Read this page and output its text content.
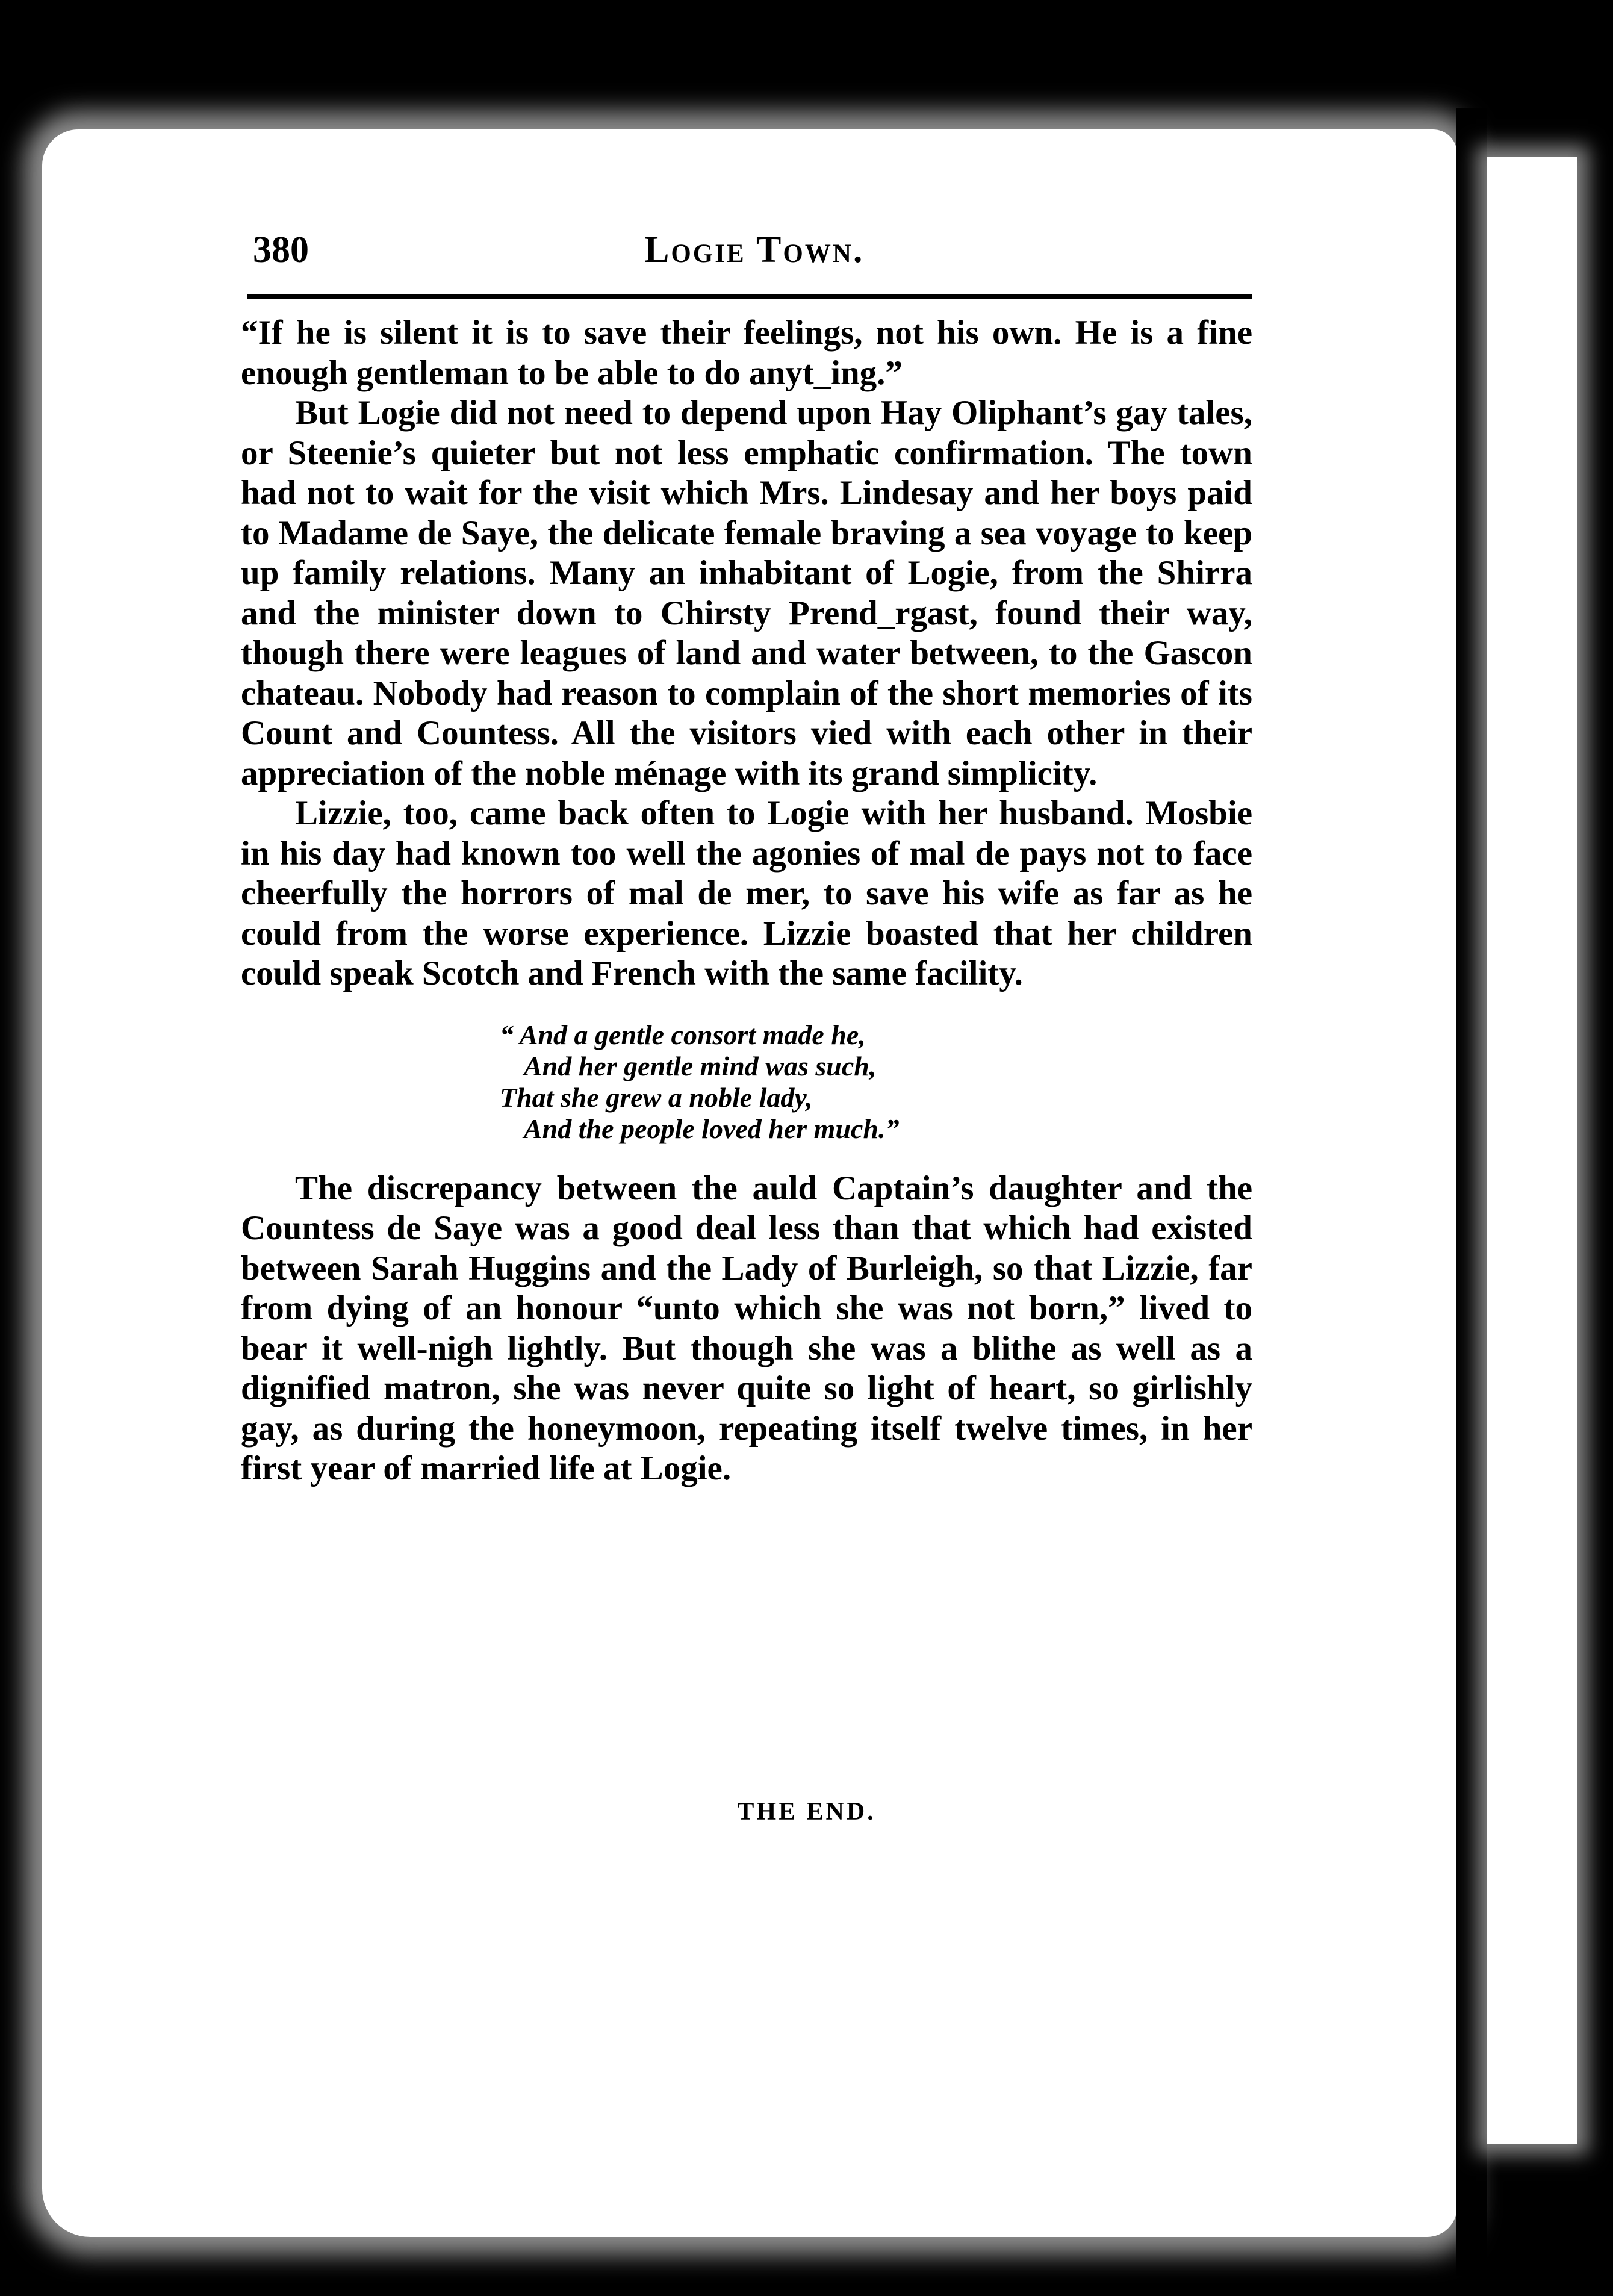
380	Logie Town.

“If he is silent it is to save their feelings, not his own. He is a fine enough gentleman to be able to do anyt_ing.”

But Logie did not need to depend upon Hay Oliphant’s gay tales, or Steenie’s quieter but not less emphatic confirmation. The town had not to wait for the visit which Mrs. Lindesay and her boys paid to Madame de Saye, the delicate female braving a sea voyage to keep up family relations. Many an inhabitant of Logie, from the Shirra and the minister down to Chirsty Prend_rgast, found their way, though there were leagues of land and water between, to the Gascon chateau. Nobody had reason to complain of the short memories of its Count and Countess. All the visitors vied with each other in their appreciation of the noble ménage with its grand simplicity.

Lizzie, too, came back often to Logie with her husband. Mosbie in his day had known too well the agonies of mal de pays not to face cheerfully the horrors of mal de mer, to save his wife as far as he could from the worse experience. Lizzie boasted that her children could speak Scotch and French with the same facility.

“ And a gentle consort made he,
And her gentle mind was such,
That she grew a noble lady,
And the people loved her much.”

The discrepancy between the auld Captain’s daughter and the Countess de Saye was a good deal less than that which had existed between Sarah Huggins and the Lady of Burleigh, so that Lizzie, far from dying of an honour “unto which she was not born,” lived to bear it well-nigh lightly. But though she was a blithe as well as a dignified matron, she was never quite so light of heart, so girlishly gay, as during the honeymoon, repeating itself twelve times, in her first year of married life at Logie.

THE END.
